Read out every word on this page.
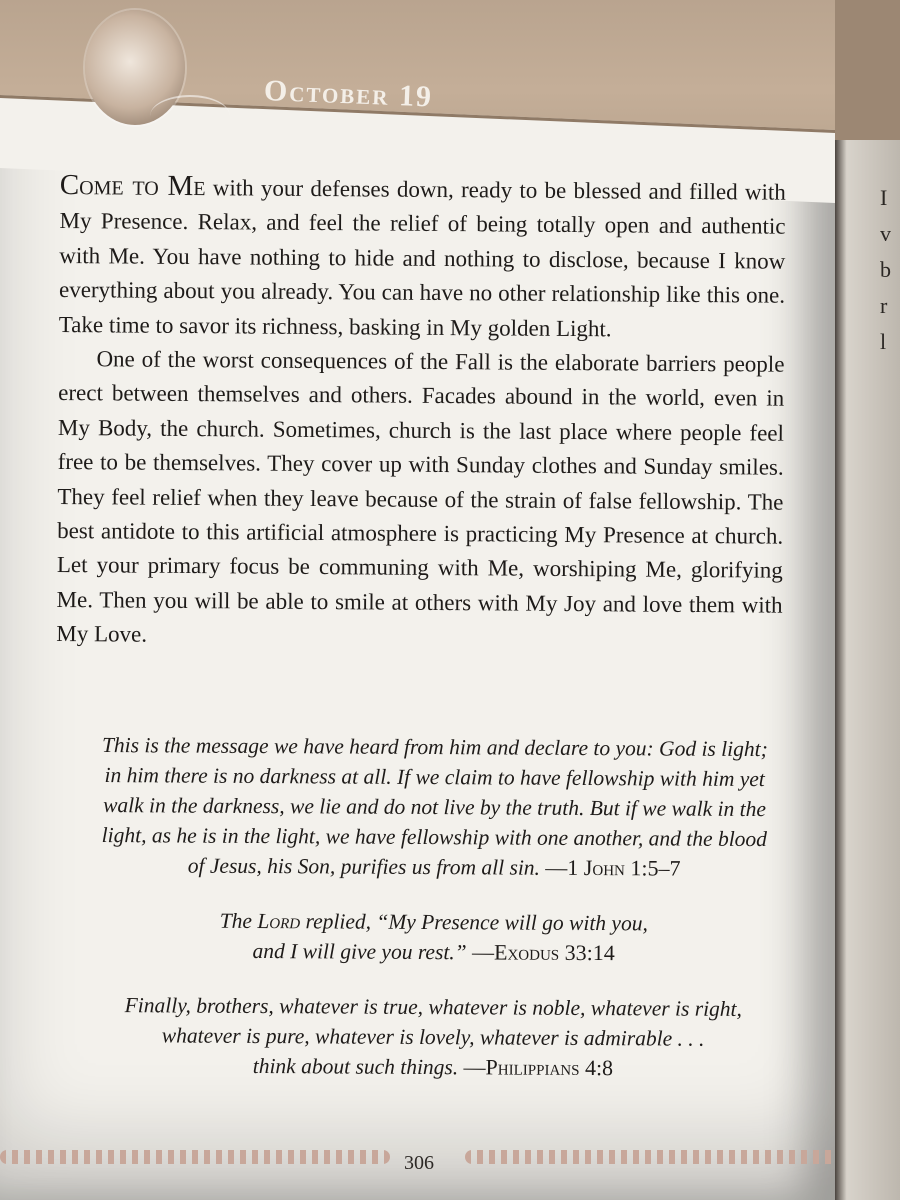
October 19

Come to Me with your defenses down, ready to be blessed and filled with My Presence. Relax, and feel the relief of being totally open and authentic with Me. You have nothing to hide and nothing to disclose, because I know everything about you already. You can have no other relationship like this one. Take time to savor its richness, basking in My golden Light.

One of the worst consequences of the Fall is the elaborate barriers people erect between themselves and others. Facades abound in the world, even in My Body, the church. Sometimes, church is the last place where people feel free to be themselves. They cover up with Sunday clothes and Sunday smiles. They feel relief when they leave because of the strain of false fellowship. The best antidote to this artificial atmosphere is practicing My Presence at church. Let your primary focus be communing with Me, worshiping Me, glorifying Me. Then you will be able to smile at others with My Joy and love them with My Love.

This is the message we have heard from him and declare to you: God is light; in him there is no darkness at all. If we claim to have fellowship with him yet walk in the darkness, we lie and do not live by the truth. But if we walk in the light, as he is in the light, we have fellowship with one another, and the blood of Jesus, his Son, purifies us from all sin. —1 John 1:5–7

The Lord replied, “My Presence will go with you,
and I will give you rest.” —Exodus 33:14

Finally, brothers, whatever is true, whatever is noble, whatever is right,
whatever is pure, whatever is lovely, whatever is admirable . . .
think about such things. —Philippians 4:8

306
I
v
b
r
l
